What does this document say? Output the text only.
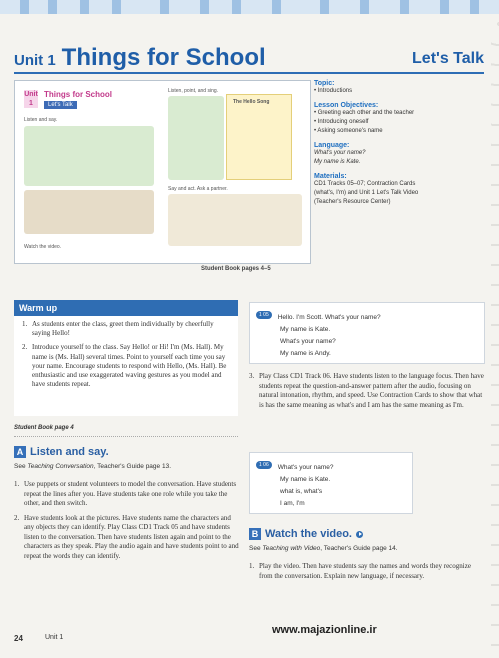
Unit 1 Things for School	Let's Talk
Unit 1
Things for School
Let's Talk
Listen and say.
Watch the video.
Listen, point, and sing.
The Hello Song
Say and act. Ask a partner.
Student Book pages 4–5
Topic:
• Introductions
Lesson Objectives:
• Greeting each other and the teacher
• Introducing oneself
• Asking someone's name
Language:
What's your name?
My name is Kate.
Materials:
CD1 Tracks 05–07; Contraction Cards
(what's, I'm) and Unit 1 Let's Talk Video
(Teacher's Resource Center)
Warm up
1. As students enter the class, greet them individually by cheerfully saying Hello!
2. Introduce yourself to the class. Say Hello! or Hi! I'm (Ms. Hall). My name is (Ms. Hall) several times. Point to yourself each time you say your name. Encourage students to respond with Hello, (Ms. Hall). Be enthusiastic and use exaggerated waving gestures as you model and have students repeat.
Student Book page 4
A Listen and say.
See Teaching Conversation, Teacher's Guide page 13.
1. Use puppets or student volunteers to model the conversation. Have students repeat the lines after you. Have students take one role while you take the other, and then switch.
2. Have students look at the pictures. Have students name the characters and any objects they can identify. Play Class CD1 Track 05 and have students listen to the conversation. Then have students listen again and point to the characters as they speak. Play the audio again and have students point to and repeat the words they can identify.
1 05 Hello. I'm Scott. What's your name?
My name is Kate.
What's your name?
My name is Andy.
3. Play Class CD1 Track 06. Have students listen to the language focus. Then have students repeat the question-and-answer pattern after the audio, focusing on natural intonation, rhythm, and speed. Use Contraction Cards to show that what is has the same meaning as what's and I am has the same meaning as I'm.
1 06 What's your name?
My name is Kate.
what is, what's
I am, I'm
B Watch the video.
See Teaching with Video, Teacher's Guide page 14.
1. Play the video. Then have students say the names and words they recognize from the conversation. Explain new language, if necessary.
www.majazionline.ir
24	Unit 1
